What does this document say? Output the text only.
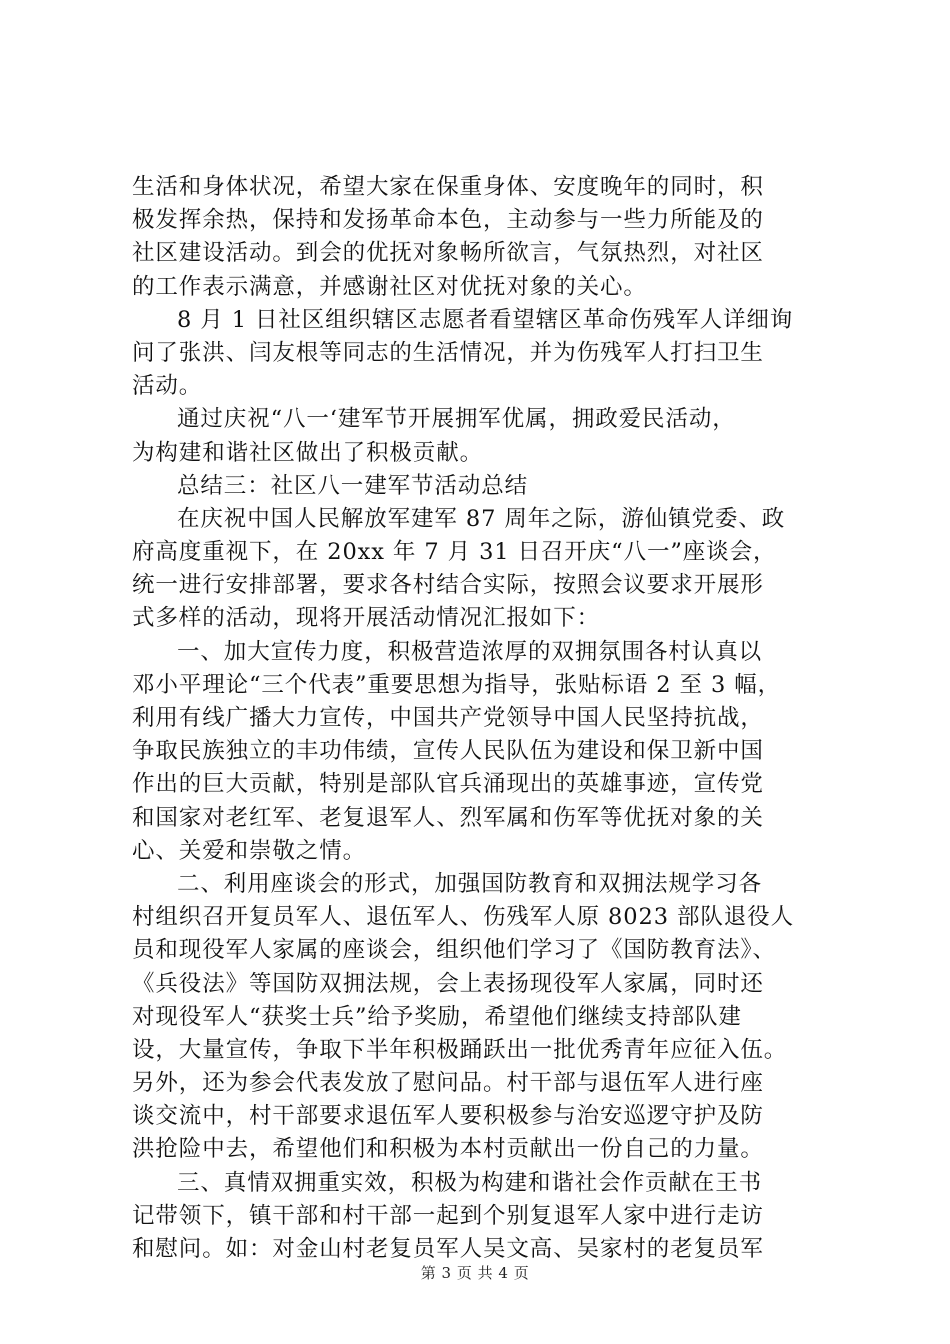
生活和身体状况，希望大家在保重身体、安度晚年的同时，积
极发挥余热，保持和发扬革命本色，主动参与一些力所能及的
社区建设活动。到会的优抚对象畅所欲言，气氛热烈，对社区
的工作表示满意，并感谢社区对优抚对象的关心。
8 月 1 日社区组织辖区志愿者看望辖区革命伤残军人详细询
问了张洪、闫友根等同志的生活情况，并为伤残军人打扫卫生
活动。
通过庆祝“八一‘建军节开展拥军优属，拥政爱民活动，
为构建和谐社区做出了积极贡献。
总结三：社区八一建军节活动总结
在庆祝中国人民解放军建军 87 周年之际，游仙镇党委、政
府高度重视下，在 20xx 年 7 月 31 日召开庆“八一”座谈会，
统一进行安排部署，要求各村结合实际，按照会议要求开展形
式多样的活动，现将开展活动情况汇报如下：
一、加大宣传力度，积极营造浓厚的双拥氛围各村认真以
邓小平理论“三个代表”重要思想为指导，张贴标语 2 至 3 幅，
利用有线广播大力宣传，中国共产党领导中国人民坚持抗战，
争取民族独立的丰功伟绩，宣传人民队伍为建设和保卫新中国
作出的巨大贡献，特别是部队官兵涌现出的英雄事迹，宣传党
和国家对老红军、老复退军人、烈军属和伤军等优抚对象的关
心、关爱和崇敬之情。
二、利用座谈会的形式，加强国防教育和双拥法规学习各
村组织召开复员军人、退伍军人、伤残军人原 8023 部队退役人
员和现役军人家属的座谈会，组织他们学习了《国防教育法》、
《兵役法》等国防双拥法规，会上表扬现役军人家属，同时还
对现役军人“获奖士兵”给予奖励，希望他们继续支持部队建
设，大量宣传，争取下半年积极踊跃出一批优秀青年应征入伍。
另外，还为参会代表发放了慰问品。村干部与退伍军人进行座
谈交流中，村干部要求退伍军人要积极参与治安巡逻守护及防
洪抢险中去，希望他们和积极为本村贡献出一份自己的力量。
三、真情双拥重实效，积极为构建和谐社会作贡献在王书
记带领下，镇干部和村干部一起到个别复退军人家中进行走访
和慰问。如：对金山村老复员军人吴文高、吴家村的老复员军
第 3 页 共 4 页
